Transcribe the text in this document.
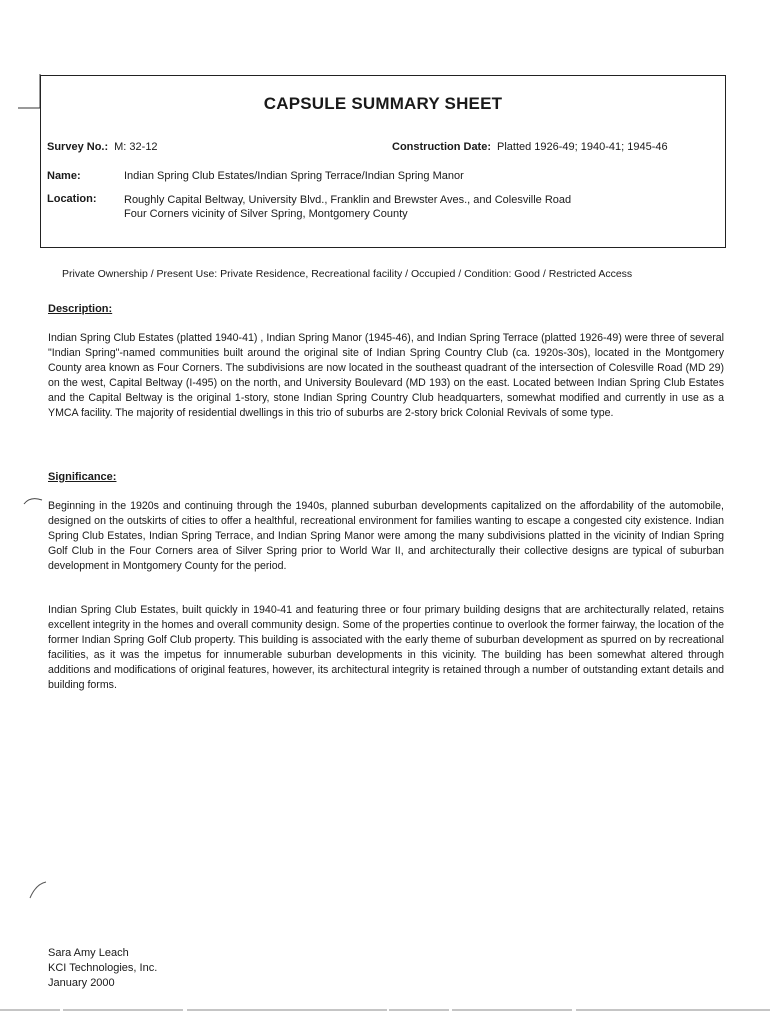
CAPSULE SUMMARY SHEET
Survey No.: M: 32-12	Construction Date: Platted 1926-49; 1940-41; 1945-46
Name:	Indian Spring Club Estates/Indian Spring Terrace/Indian Spring Manor
Location:	Roughly Capital Beltway, University Blvd., Franklin and Brewster Aves., and Colesville Road
Four Corners vicinity of Silver Spring, Montgomery County
Private Ownership / Present Use: Private Residence, Recreational facility / Occupied / Condition: Good / Restricted Access
Description:

Indian Spring Club Estates (platted 1940-41) , Indian Spring Manor (1945-46), and Indian Spring Terrace (platted 1926-49) were three of several "Indian Spring"-named communities built around the original site of Indian Spring Country Club (ca. 1920s-30s), located in the Montgomery County area known as Four Corners. The subdivisions are now located in the southeast quadrant of the intersection of Colesville Road (MD 29) on the west, Capital Beltway (I-495) on the north, and University Boulevard (MD 193) on the east. Located between Indian Spring Club Estates and the Capital Beltway is the original 1-story, stone Indian Spring Country Club headquarters, somewhat modified and currently in use as a YMCA facility. The majority of residential dwellings in this trio of suburbs are 2-story brick Colonial Revivals of some type.

Significance:

Beginning in the 1920s and continuing through the 1940s, planned suburban developments capitalized on the affordability of the automobile, designed on the outskirts of cities to offer a healthful, recreational environment for families wanting to escape a congested city existence. Indian Spring Club Estates, Indian Spring Terrace, and Indian Spring Manor were among the many subdivisions platted in the vicinity of Indian Spring Golf Club in the Four Corners area of Silver Spring prior to World War II, and architecturally their collective designs are typical of suburban development in Montgomery County for the period.

Indian Spring Club Estates, built quickly in 1940-41 and featuring three or four primary building designs that are architecturally related, retains excellent integrity in the homes and overall community design. Some of the properties continue to overlook the former fairway, the location of the former Indian Spring Golf Club property. This building is associated with the early theme of suburban development as spurred on by recreational facilities, as it was the impetus for innumerable suburban developments in this vicinity. The building has been somewhat altered through additions and modifications of original features, however, its architectural integrity is retained through a number of outstanding extant details and building forms.

Sara Amy Leach
KCI Technologies, Inc.
January 2000
